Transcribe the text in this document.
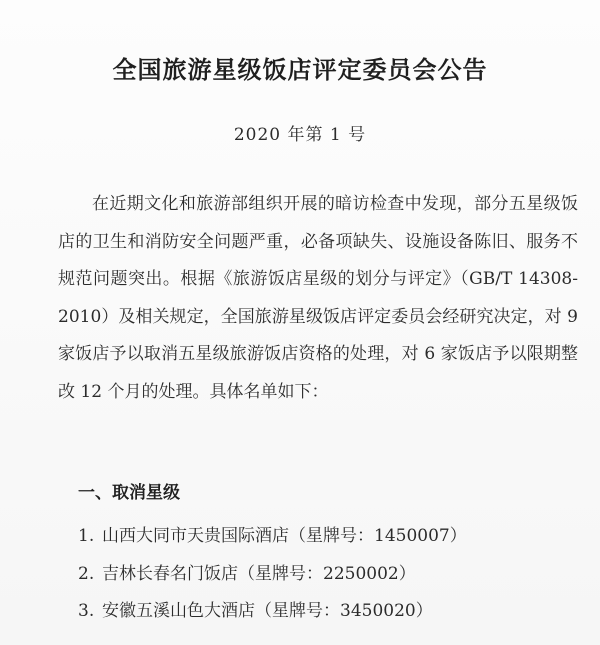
全国旅游星级饭店评定委员会公告
2020 年第 1 号

在近期文化和旅游部组织开展的暗访检查中发现，部分五星级饭店的卫生和消防安全问题严重，必备项缺失、设施设备陈旧、服务不规范问题突出。根据《旅游饭店星级的划分与评定》（GB/T 14308-2010）及相关规定，全国旅游星级饭店评定委员会经研究决定，对 9 家饭店予以取消五星级旅游饭店资格的处理，对 6 家饭店予以限期整改 12 个月的处理。具体名单如下：

一、取消星级
1. 山西大同市天贵国际酒店（星牌号：1450007）
2. 吉林长春名门饭店（星牌号：2250002）
3. 安徽五溪山色大酒店（星牌号：3450020）
